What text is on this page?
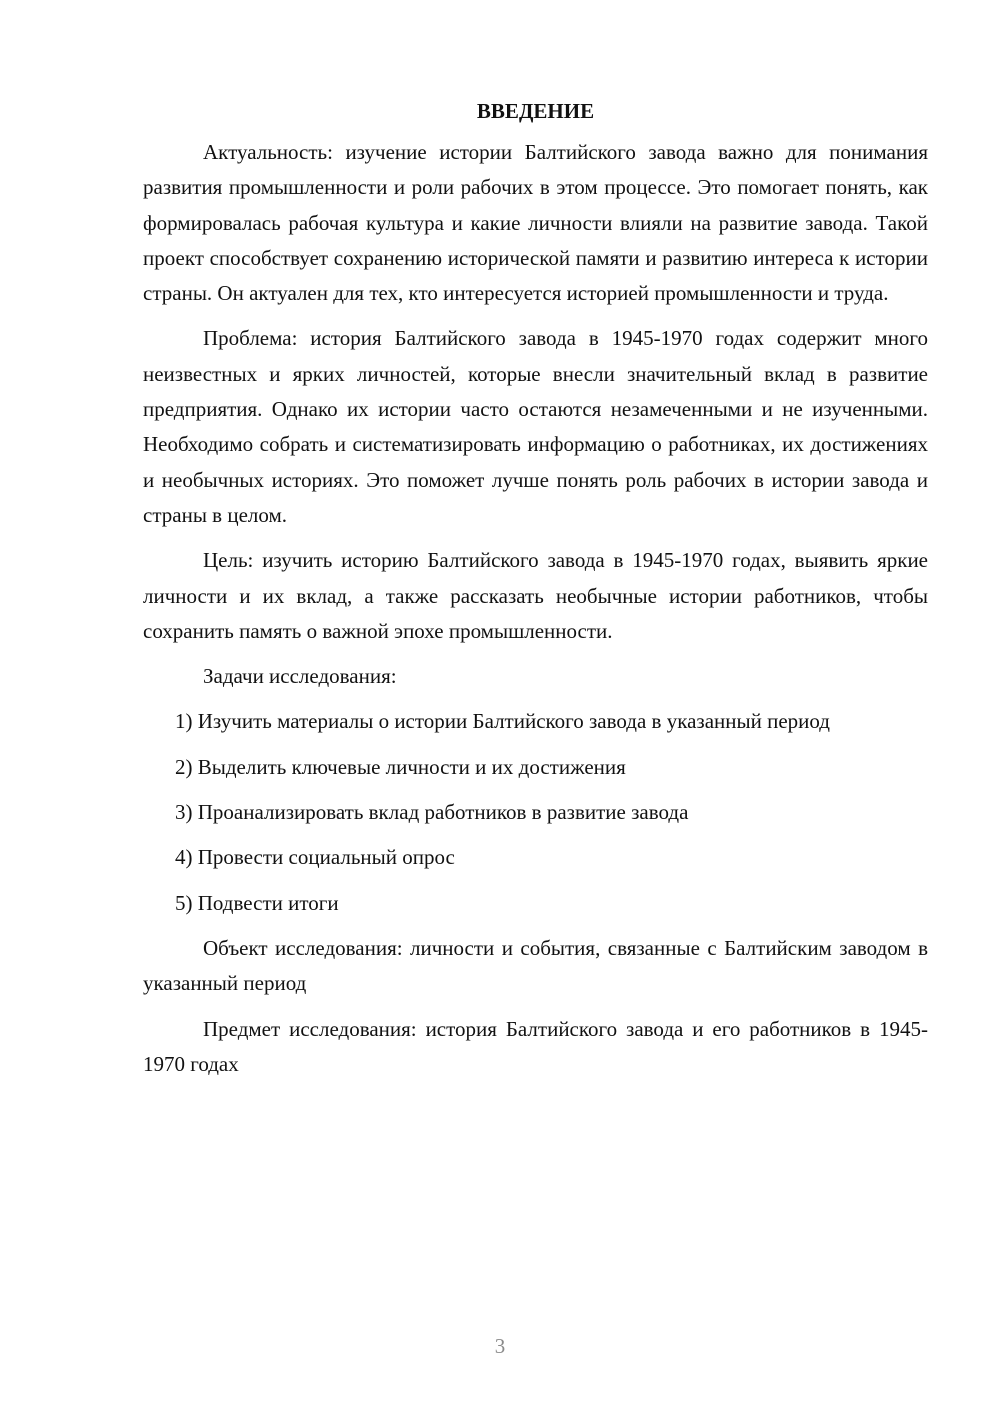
ВВЕДЕНИЕ

Актуальность: изучение истории Балтийского завода важно для понимания развития промышленности и роли рабочих в этом процессе. Это помогает понять, как формировалась рабочая культура и какие личности влияли на развитие завода. Такой проект способствует сохранению исторической памяти и развитию интереса к истории страны. Он актуален для тех, кто интересуется историей промышленности и труда.

Проблема: история Балтийского завода в 1945-1970 годах содержит много неизвестных и ярких личностей, которые внесли значительный вклад в развитие предприятия. Однако их истории часто остаются незамеченными и не изученными. Необходимо собрать и систематизировать информацию о работниках, их достижениях и необычных историях. Это поможет лучше понять роль рабочих в истории завода и страны в целом.

Цель: изучить историю Балтийского завода в 1945-1970 годах, выявить яркие личности и их вклад, а также рассказать необычные истории работников, чтобы сохранить память о важной эпохе промышленности.

Задачи исследования:

1) Изучить материалы о истории Балтийского завода в указанный период

2) Выделить ключевые личности и их достижения

3) Проанализировать вклад работников в развитие завода

4) Провести социальный опрос

5) Подвести итоги

Объект исследования: личности и события, связанные с Балтийским заводом в указанный период

Предмет исследования: история Балтийского завода и его работников в 1945-1970 годах

3
